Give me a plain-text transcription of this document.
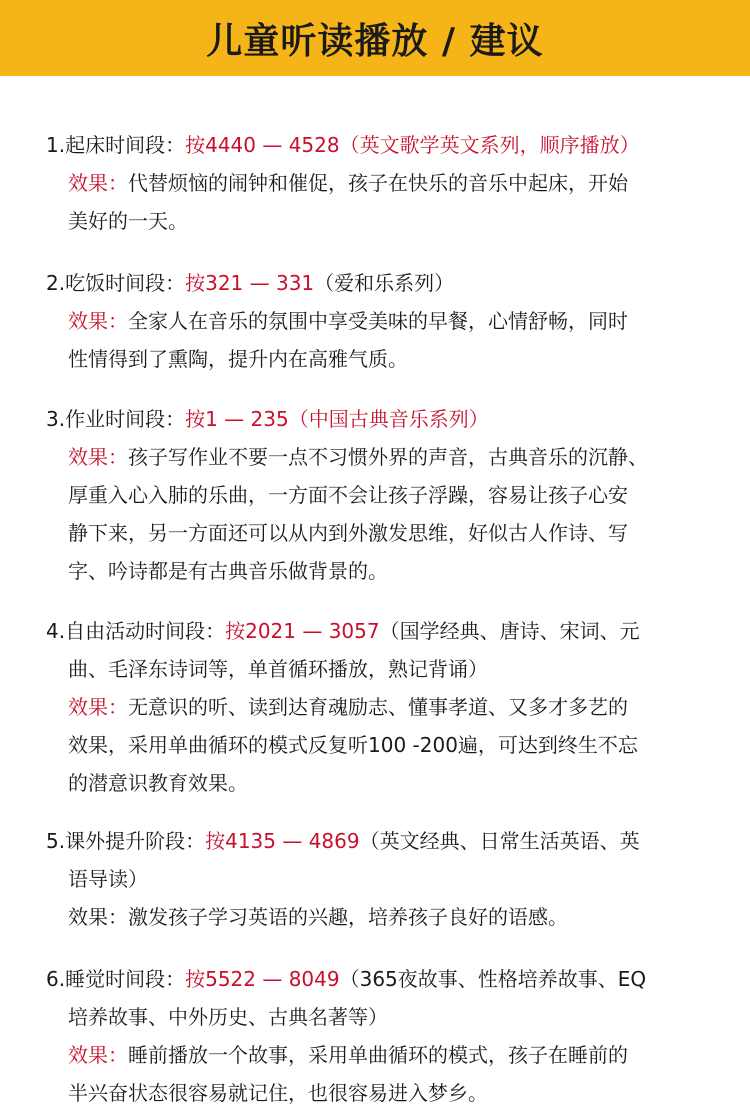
儿童听读播放 / 建议
1.起床时间段：按4440 — 4528（英文歌学英文系列，顺序播放）
效果：代替烦恼的闹钟和催促，孩子在快乐的音乐中起床，开始
美好的一天。
2.吃饭时间段：按321 — 331（爱和乐系列）
效果：全家人在音乐的氛围中享受美味的早餐，心情舒畅，同时
性情得到了熏陶，提升内在高雅气质。
3.作业时间段：按1 — 235（中国古典音乐系列）
效果：孩子写作业不要一点不习惯外界的声音，古典音乐的沉静、
厚重入心入肺的乐曲，一方面不会让孩子浮躁，容易让孩子心安
静下来，另一方面还可以从内到外激发思维，好似古人作诗、写
字、吟诗都是有古典音乐做背景的。
4.自由活动时间段：按2021 — 3057（国学经典、唐诗、宋词、元
曲、毛泽东诗词等，单首循环播放，熟记背诵）
效果：无意识的听、读到达育魂励志、懂事孝道、又多才多艺的
效果，采用单曲循环的模式反复听100 -200遍，可达到终生不忘
的潜意识教育效果。
5.课外提升阶段：按4135 — 4869（英文经典、日常生活英语、英
语导读）
效果：激发孩子学习英语的兴趣，培养孩子良好的语感。
6.睡觉时间段：按5522 — 8049（365夜故事、性格培养故事、EQ
培养故事、中外历史、古典名著等）
效果：睡前播放一个故事，采用单曲循环的模式，孩子在睡前的
半兴奋状态很容易就记住，也很容易进入梦乡。
